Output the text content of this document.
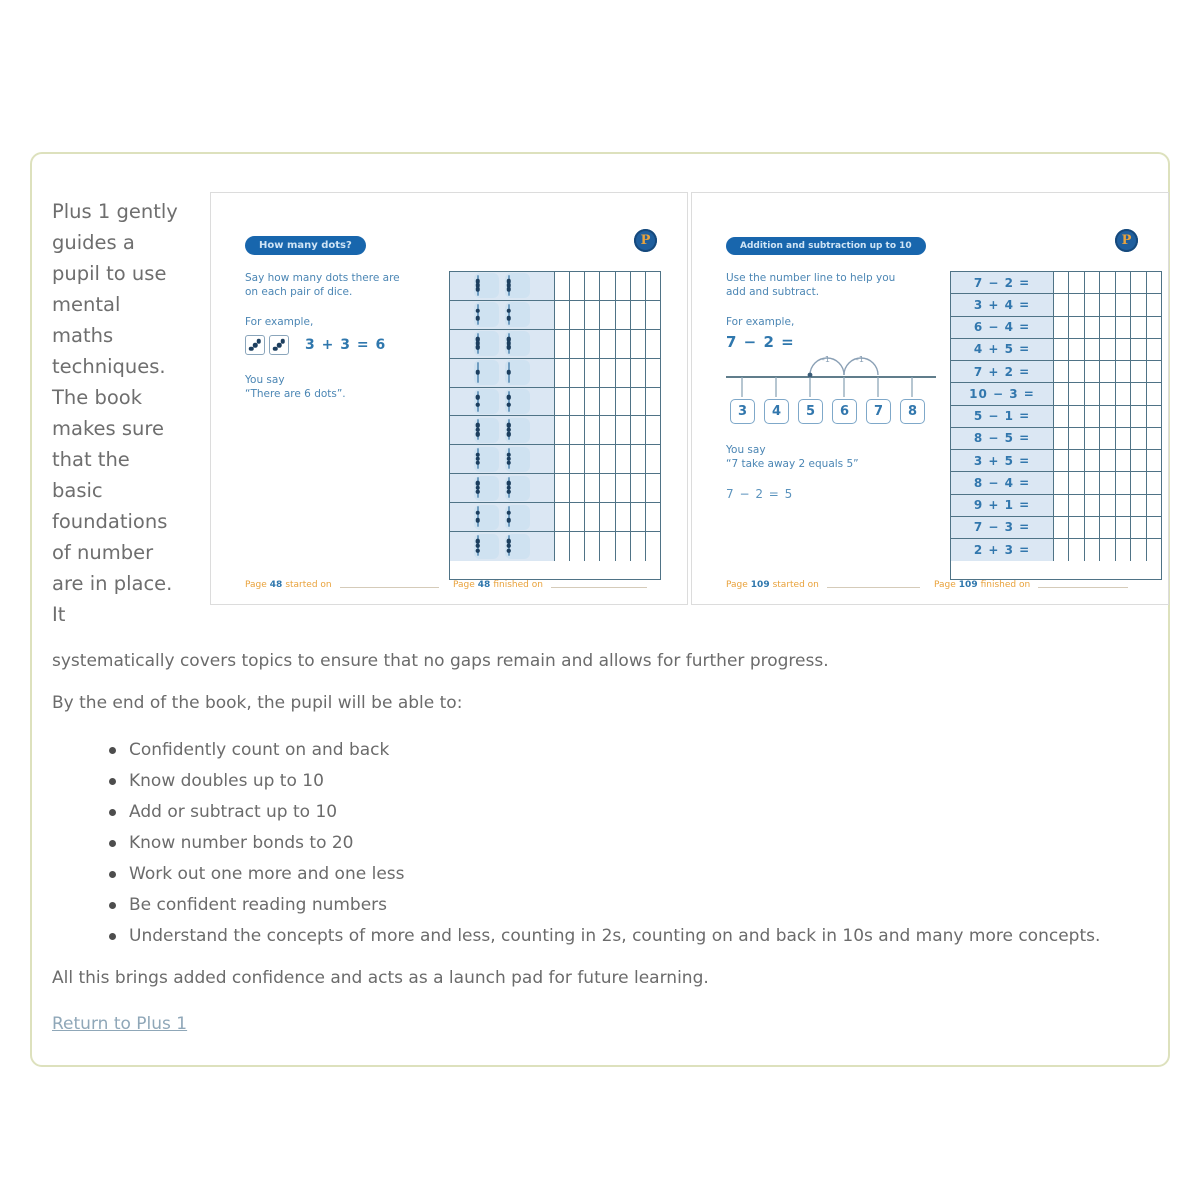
Plus 1 gently guides a pupil to use mental maths techniques. The book makes sure that the basic foundations of number are in place. It
How many dots?	P
Say how many dots there are on each pair of dice.
For example,
3 + 3 = 6
You say
“There are 6 dots”.
Page 48 started on	Page 48 finished on
Addition and subtraction up to 10	P
Use the number line to help you add and subtract.
For example,
7 − 2 =
-1
-1
3	4	5	6	7	8
You say
“7 take away 2 equals 5”
7 − 2 = 5
7 − 2 =
3 + 4 =
6 − 4 =
4 + 5 =
7 + 2 =
10 − 3 =
5 − 1 =
8 − 5 =
3 + 5 =
8 − 4 =
9 + 1 =
7 − 3 =
2 + 3 =
Page 109 started on	Page 109 finished on

systematically covers topics to ensure that no gaps remain and allows for further progress.

By the end of the book, the pupil will be able to:

Confidently count on and back
Know doubles up to 10
Add or subtract up to 10
Know number bonds to 20
Work out one more and one less
Be confident reading numbers
Understand the concepts of more and less, counting in 2s, counting on and back in 10s and many more concepts.

All this brings added confidence and acts as a launch pad for future learning.

Return to Plus 1
